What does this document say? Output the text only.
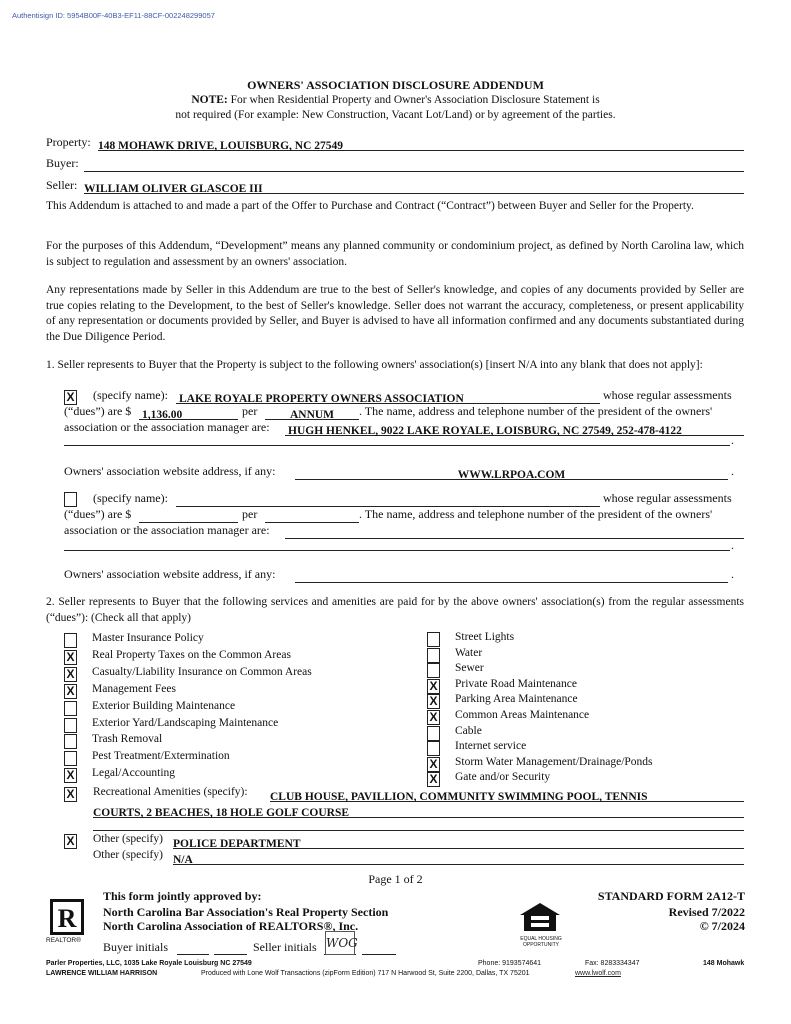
Authentisign ID: 5954B00F-40B3-EF11-88CF-002248299057
OWNERS' ASSOCIATION DISCLOSURE ADDENDUM
NOTE: For when Residential Property and Owner's Association Disclosure Statement is
not required (For example: New Construction, Vacant Lot/Land) or by agreement of the parties.
Property: 148 MOHAWK DRIVE, LOUISBURG, NC 27549
Buyer:
Seller: WILLIAM OLIVER GLASCOE III
This Addendum is attached to and made a part of the Offer to Purchase and Contract (“Contract”) between Buyer and Seller for the Property.
For the purposes of this Addendum, “Development” means any planned community or condominium project, as defined by North Carolina law, which is subject to regulation and assessment by an owners' association.
Any representations made by Seller in this Addendum are true to the best of Seller's knowledge, and copies of any documents provided by Seller are true copies relating to the Development, to the best of Seller's knowledge. Seller does not warrant the accuracy, completeness, or present applicability of any representation or documents provided by Seller, and Buyer is advised to have all information confirmed and any documents substantiated during the Due Diligence Period.
1. Seller represents to Buyer that the Property is subject to the following owners' association(s) [insert N/A into any blank that does not apply]:
X (specify name): LAKE ROYALE PROPERTY OWNERS ASSOCIATION	whose regular assessments
(“dues”) are $ 1,136.00	per	ANNUM	. The name, address and telephone number of the president of the owners'
association or the association manager are: HUGH HENKEL, 9022 LAKE ROYALE, LOISBURG, NC 27549, 252-478-4122
.
Owners' association website address, if any:	WWW.LRPOA.COM	.
(specify name):	whose regular assessments
(“dues”) are $	per	. The name, address and telephone number of the president of the owners'
association or the association manager are:
.
Owners' association website address, if any:	.
2. Seller represents to Buyer that the following services and amenities are paid for by the above owners' association(s) from the regular assessments (“dues”): (Check all that apply)
Master Insurance Policy
X Real Property Taxes on the Common Areas
X Casualty/Liability Insurance on Common Areas
X Management Fees
Exterior Building Maintenance
Exterior Yard/Landscaping Maintenance
Trash Removal
Pest Treatment/Extermination
X Legal/Accounting
Street Lights
Water
Sewer
X Private Road Maintenance
X Parking Area Maintenance
X Common Areas Maintenance
Cable
Internet service
X Storm Water Management/Drainage/Ponds
X Gate and/or Security
X Recreational Amenities (specify): CLUB HOUSE, PAVILLION, COMMUNITY SWIMMING POOL, TENNIS
COURTS, 2 BEACHES, 18 HOLE GOLF COURSE
X Other (specify) POLICE DEPARTMENT
Other (specify) N/A
Page 1 of 2
This form jointly approved by:
North Carolina Bar Association's Real Property Section
North Carolina Association of REALTORS®, Inc.
STANDARD FORM 2A12-T
Revised 7/2022
© 7/2024
R
REALTOR®	EQUAL HOUSING OPPORTUNITY
Buyer initials	Seller initials WOG
Parler Properties, LLC, 1035 Lake Royale Louisburg NC 27549	Phone: 9193574641	Fax: 8283334347	148 Mohawk
LAWRENCE WILLIAM HARRISON	Produced with Lone Wolf Transactions (zipForm Edition) 717 N Harwood St, Suite 2200, Dallas, TX 75201	www.lwolf.com
